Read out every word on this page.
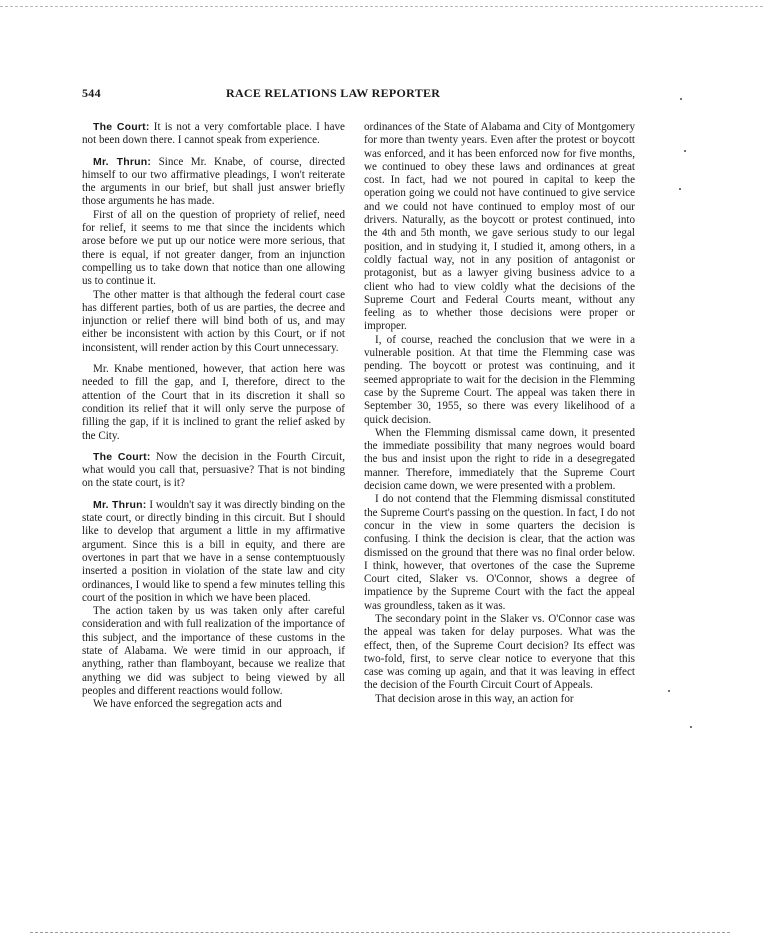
544	RACE RELATIONS LAW REPORTER

The Court: It is not a very comfortable place. I have not been down there. I cannot speak from experience.

Mr. Thrun: Since Mr. Knabe, of course, directed himself to our two affirmative pleadings, I won't reiterate the arguments in our brief, but shall just answer briefly those arguments he has made.

First of all on the question of propriety of relief, need for relief, it seems to me that since the incidents which arose before we put up our notice were more serious, that there is equal, if not greater danger, from an injunction compelling us to take down that notice than one allowing us to continue it.

The other matter is that although the federal court case has different parties, both of us are parties, the decree and injunction or relief there will bind both of us, and may either be inconsistent with action by this Court, or if not inconsistent, will render action by this Court unnecessary.

Mr. Knabe mentioned, however, that action here was needed to fill the gap, and I, therefore, direct to the attention of the Court that in its discretion it shall so condition its relief that it will only serve the purpose of filling the gap, if it is inclined to grant the relief asked by the City.

The Court: Now the decision in the Fourth Circuit, what would you call that, persuasive? That is not binding on the state court, is it?

Mr. Thrun: I wouldn't say it was directly binding on the state court, or directly binding in this circuit. But I should like to develop that argument a little in my affirmative argument. Since this is a bill in equity, and there are overtones in part that we have in a sense contemptuously inserted a position in violation of the state law and city ordinances, I would like to spend a few minutes telling this court of the position in which we have been placed.

The action taken by us was taken only after careful consideration and with full realization of the importance of this subject, and the importance of these customs in the state of Alabama. We were timid in our approach, if anything, rather than flamboyant, because we realize that anything we did was subject to being viewed by all peoples and different reactions would follow.

We have enforced the segregation acts and

ordinances of the State of Alabama and City of Montgomery for more than twenty years. Even after the protest or boycott was enforced, and it has been enforced now for five months, we continued to obey these laws and ordinances at great cost. In fact, had we not poured in capital to keep the operation going we could not have continued to give service and we could not have continued to employ most of our drivers. Naturally, as the boycott or protest continued, into the 4th and 5th month, we gave serious study to our legal position, and in studying it, I studied it, among others, in a coldly factual way, not in any position of antagonist or protagonist, but as a lawyer giving business advice to a client who had to view coldly what the decisions of the Supreme Court and Federal Courts meant, without any feeling as to whether those decisions were proper or improper.

I, of course, reached the conclusion that we were in a vulnerable position. At that time the Flemming case was pending. The boycott or protest was continuing, and it seemed appropriate to wait for the decision in the Flemming case by the Supreme Court. The appeal was taken there in September 30, 1955, so there was every likelihood of a quick decision.

When the Flemming dismissal came down, it presented the immediate possibility that many negroes would board the bus and insist upon the right to ride in a desegregated manner. Therefore, immediately that the Supreme Court decision came down, we were presented with a problem.

I do not contend that the Flemming dismissal constituted the Supreme Court's passing on the question. In fact, I do not concur in the view in some quarters the decision is confusing. I think the decision is clear, that the action was dismissed on the ground that there was no final order below. I think, however, that overtones of the case the Supreme Court cited, Slaker vs. O'Connor, shows a degree of impatience by the Supreme Court with the fact the appeal was groundless, taken as it was.

The secondary point in the Slaker vs. O'Connor case was the appeal was taken for delay purposes. What was the effect, then, of the Supreme Court decision? Its effect was two-fold, first, to serve clear notice to everyone that this case was coming up again, and that it was leaving in effect the decision of the Fourth Circuit Court of Appeals.

That decision arose in this way, an action for
